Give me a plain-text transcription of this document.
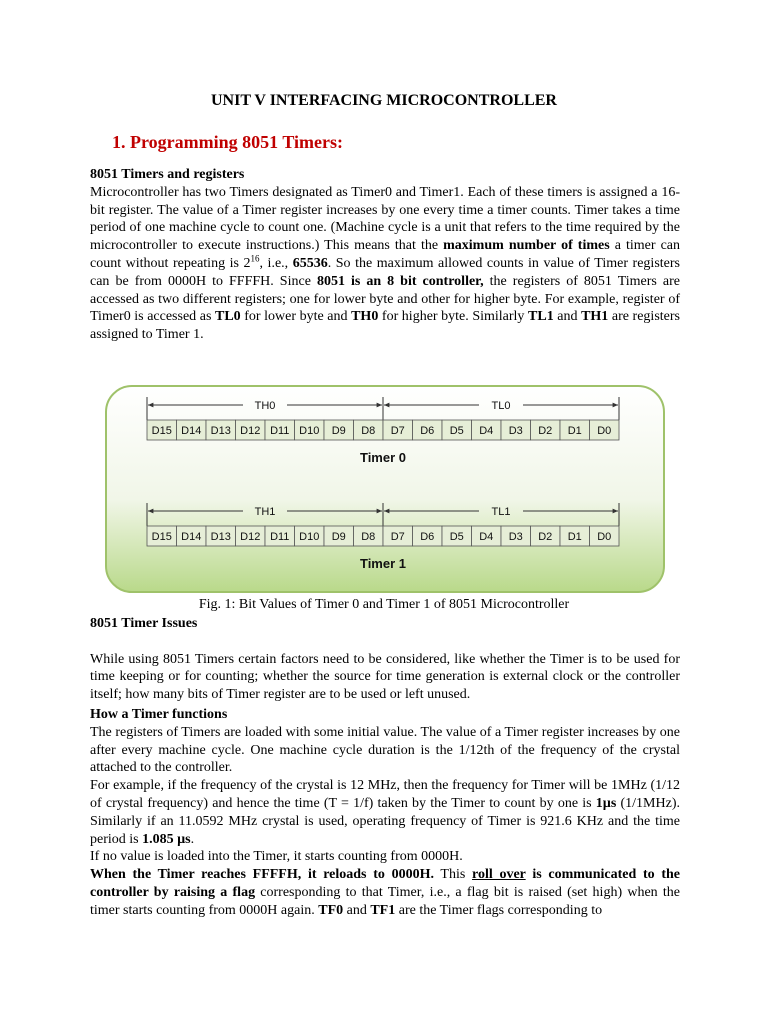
UNIT V INTERFACING MICROCONTROLLER
1. Programming 8051 Timers:

8051 Timers and registers

Microcontroller has two Timers designated as Timer0 and Timer1. Each of these timers is assigned a 16-bit register. The value of a Timer register increases by one every time a timer counts. Timer takes a time period of one machine cycle to count one. (Machine cycle is a unit that refers to the time required by the microcontroller to execute instructions.) This means that the maximum number of times a timer can count without repeating is $2^{16}$, i.e., 65536. So the maximum allowed counts in value of Timer registers can be from 0000H to FFFFH. Since 8051 is an 8 bit controller, the registers of 8051 Timers are accessed as two different registers; one for lower byte and other for higher byte. For example, register of Timer0 is accessed as TL0 for lower byte and TH0 for higher byte. Similarly TL1 and TH1 are registers assigned to Timer 1.

TH0	TL0
D15 D14 D13 D12 D11 D10 D9 D8 D7 D6 D5 D4 D3 D2 D1 D0
Timer 0
TH1	TL1
D15 D14 D13 D12 D11 D10 D9 D8 D7 D6 D5 D4 D3 D2 D1 D0
Timer 1
Fig. 1: Bit Values of Timer 0 and Timer 1 of 8051 Microcontroller

8051 Timer Issues

While using 8051 Timers certain factors need to be considered, like whether the Timer is to be used for time keeping or for counting; whether the source for time generation is external clock or the controller itself; how many bits of Timer register are to be used or left unused.

How a Timer functions

The registers of Timers are loaded with some initial value. The value of a Timer register increases by one after every machine cycle. One machine cycle duration is the 1/12th of the frequency of the crystal attached to the controller.

For example, if the frequency of the crystal is 12 MHz, then the frequency for Timer will be 1MHz (1/12 of crystal frequency) and hence the time (T = 1/f) taken by the Timer to count by one is 1µs (1/1MHz). Similarly if an 11.0592 MHz crystal is used, operating frequency of Timer is 921.6 KHz and the time period is 1.085 µs.

If no value is loaded into the Timer, it starts counting from 0000H.

When the Timer reaches FFFFH, it reloads to 0000H. This roll over is communicated to the controller by raising a flag corresponding to that Timer, i.e., a flag bit is raised (set high) when the timer starts counting from 0000H again. TF0 and TF1 are the Timer flags corresponding to
